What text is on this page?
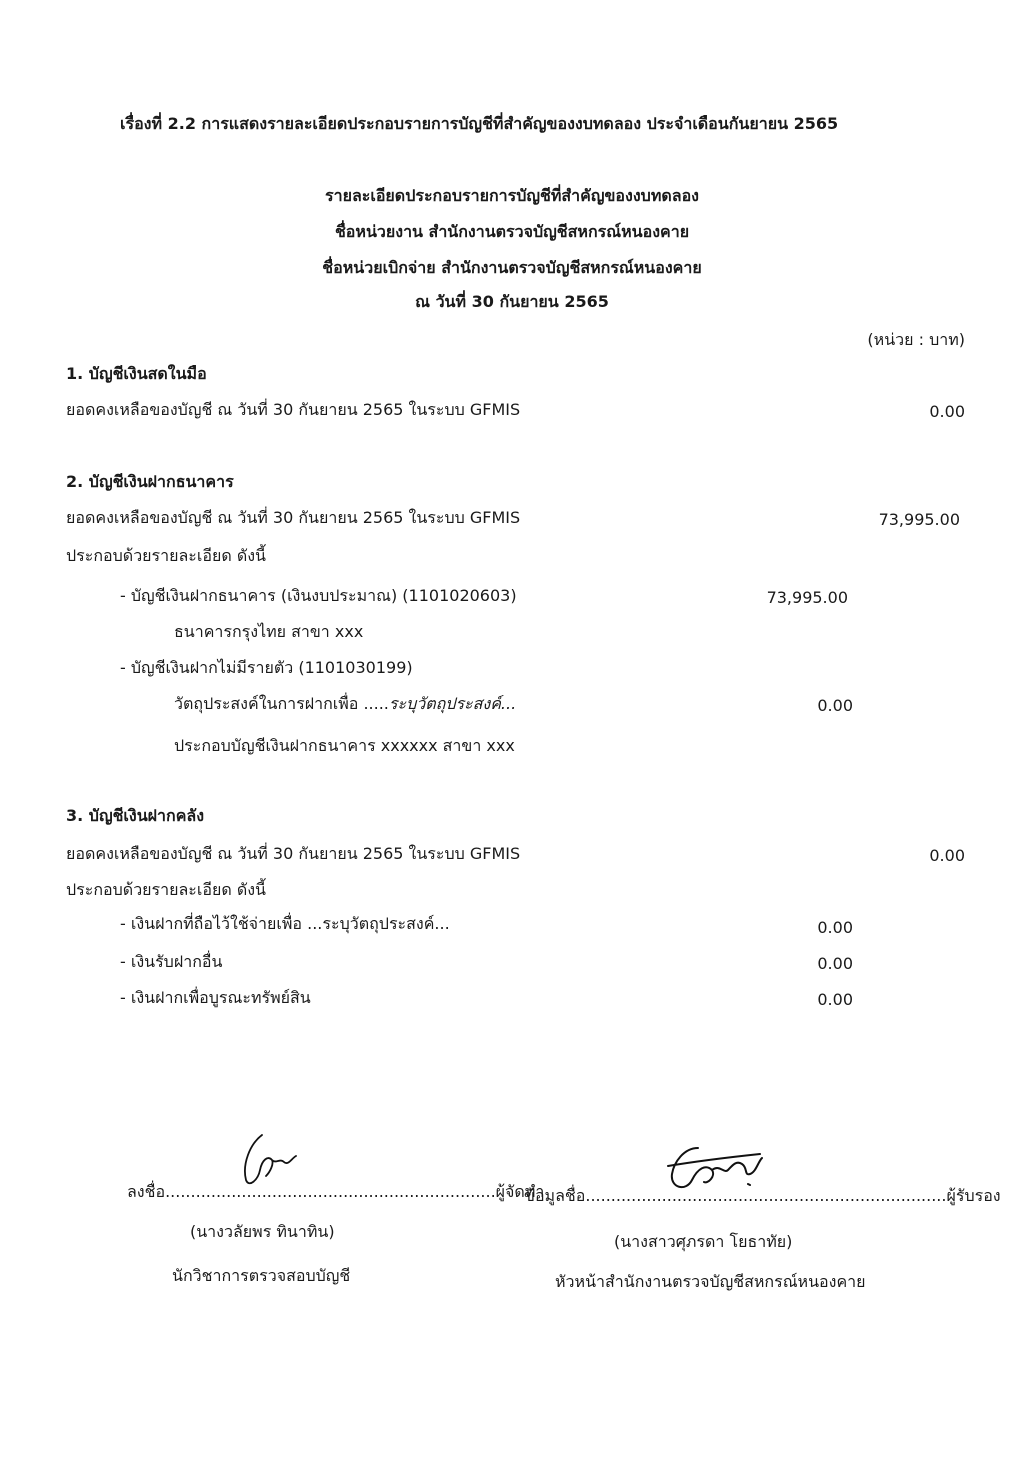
เรื่องที่ 2.2 การแสดงรายละเอียดประกอบรายการบัญชีที่สำคัญของงบทดลอง ประจำเดือนกันยายน 2565
รายละเอียดประกอบรายการบัญชีที่สำคัญของงบทดลอง
ชื่อหน่วยงาน สำนักงานตรวจบัญชีสหกรณ์หนองคาย
ชื่อหน่วยเบิกจ่าย สำนักงานตรวจบัญชีสหกรณ์หนองคาย
ณ วันที่ 30 กันยายน 2565
(หน่วย : บาท)
1. บัญชีเงินสดในมือ
ยอดคงเหลือของบัญชี ณ วันที่ 30 กันยายน 2565 ในระบบ GFMIS	0.00
2. บัญชีเงินฝากธนาคาร
ยอดคงเหลือของบัญชี ณ วันที่ 30 กันยายน 2565 ในระบบ GFMIS	73,995.00
ประกอบด้วยรายละเอียด ดังนี้
- บัญชีเงินฝากธนาคาร (เงินงบประมาณ) (1101020603)	73,995.00
ธนาคารกรุงไทย สาขา xxx
- บัญชีเงินฝากไม่มีรายตัว (1101030199)
วัตถุประสงค์ในการฝากเพื่อ .....ระบุวัตถุประสงค์...	0.00
ประกอบบัญชีเงินฝากธนาคาร xxxxxx สาขา xxx
3. บัญชีเงินฝากคลัง
ยอดคงเหลือของบัญชี ณ วันที่ 30 กันยายน 2565 ในระบบ GFMIS	0.00
ประกอบด้วยรายละเอียด ดังนี้
- เงินฝากที่ถือไว้ใช้จ่ายเพื่อ ...ระบุวัตถุประสงค์...	0.00
- เงินรับฝากอื่น	0.00
- เงินฝากเพื่อบูรณะทรัพย์สิน	0.00
ลงชื่อ.................................................................ผู้จัดทำ
(นางวลัยพร ทินาทิน)
นักวิชาการตรวจสอบบัญชี
ข้อมูลชื่อ.......................................................................ผู้รับรอง
(นางสาวศุภรดา โยธาทัย)
หัวหน้าสำนักงานตรวจบัญชีสหกรณ์หนองคาย
